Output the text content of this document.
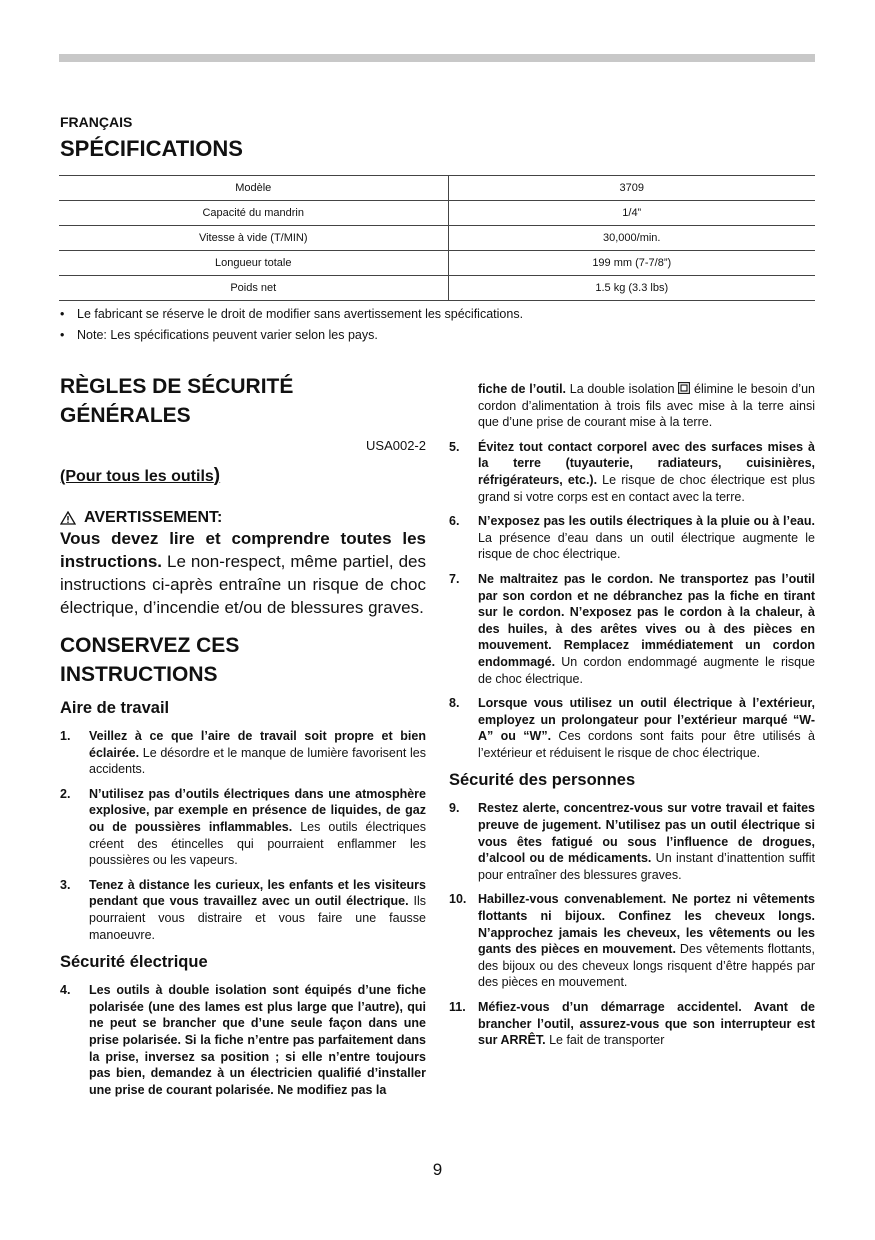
FRANÇAIS
SPÉCIFICATIONS
Modèle	3709
Capacité du mandrin	1/4”
Vitesse à vide (T/MIN)	30,000/min.
Longueur totale	199 mm (7-7/8”)
Poids net	1.5 kg (3.3 lbs)
• Le fabricant se réserve le droit de modifier sans avertissement les spécifications.
• Note: Les spécifications peuvent varier selon les pays.
RÈGLES DE SÉCURITÉ
GÉNÉRALES
USA002-2
(Pour tous les outils)
AVERTISSEMENT:
Vous devez lire et comprendre toutes les instructions. Le non-respect, même partiel, des instructions ci-après entraîne un risque de choc électrique, d’incendie et/ou de blessures graves.
CONSERVEZ CES
INSTRUCTIONS
Aire de travail
1.	Veillez à ce que l’aire de travail soit propre et bien éclairée. Le désordre et le manque de lumière favorisent les accidents.
2.	N’utilisez pas d’outils électriques dans une atmosphère explosive, par exemple en présence de liquides, de gaz ou de poussières inflammables. Les outils électriques créent des étincelles qui pourraient enflammer les poussières ou les vapeurs.
3.	Tenez à distance les curieux, les enfants et les visiteurs pendant que vous travaillez avec un outil électrique. Ils pourraient vous distraire et vous faire une fausse manoeuvre.
Sécurité électrique
4.	Les outils à double isolation sont équipés d’une fiche polarisée (une des lames est plus large que l’autre), qui ne peut se brancher que d’une seule façon dans une prise polarisée. Si la fiche n’entre pas parfaitement dans la prise, inversez sa position ; si elle n’entre toujours pas bien, demandez à un électricien qualifié d’installer une prise de courant polarisée. Ne modifiez pas la
fiche de l’outil. La double isolation  élimine le besoin d’un cordon d’alimentation à trois fils avec mise à la terre ainsi que d’une prise de courant mise à la terre.
5.	Évitez tout contact corporel avec des surfaces mises à la terre (tuyauterie, radiateurs, cuisinières, réfrigérateurs, etc.). Le risque de choc électrique est plus grand si votre corps est en contact avec la terre.
6.	N’exposez pas les outils électriques à la pluie ou à l’eau. La présence d’eau dans un outil électrique augmente le risque de choc électrique.
7.	Ne maltraitez pas le cordon. Ne transportez pas l’outil par son cordon et ne débranchez pas la fiche en tirant sur le cordon. N’exposez pas le cordon à la chaleur, à des huiles, à des arêtes vives ou à des pièces en mouvement. Remplacez immédiatement un cordon endommagé. Un cordon endommagé augmente le risque de choc électrique.
8.	Lorsque vous utilisez un outil électrique à l’extérieur, employez un prolongateur pour l’extérieur marqué “W-A” ou “W”. Ces cordons sont faits pour être utilisés à l’extérieur et réduisent le risque de choc électrique.
Sécurité des personnes
9.	Restez alerte, concentrez-vous sur votre travail et faites preuve de jugement. N’utilisez pas un outil électrique si vous êtes fatigué ou sous l’influence de drogues, d’alcool ou de médicaments. Un instant d’inattention suffit pour entraîner des blessures graves.
10. Habillez-vous convenablement. Ne portez ni vêtements flottants ni bijoux. Confinez les cheveux longs. N’approchez jamais les cheveux, les vêtements ou les gants des pièces en mouvement. Des vêtements flottants, des bijoux ou des cheveux longs risquent d’être happés par des pièces en mouvement.
11. Méfiez-vous d’un démarrage accidentel. Avant de brancher l’outil, assurez-vous que son interrupteur est sur ARRÊT. Le fait de transporter
9
